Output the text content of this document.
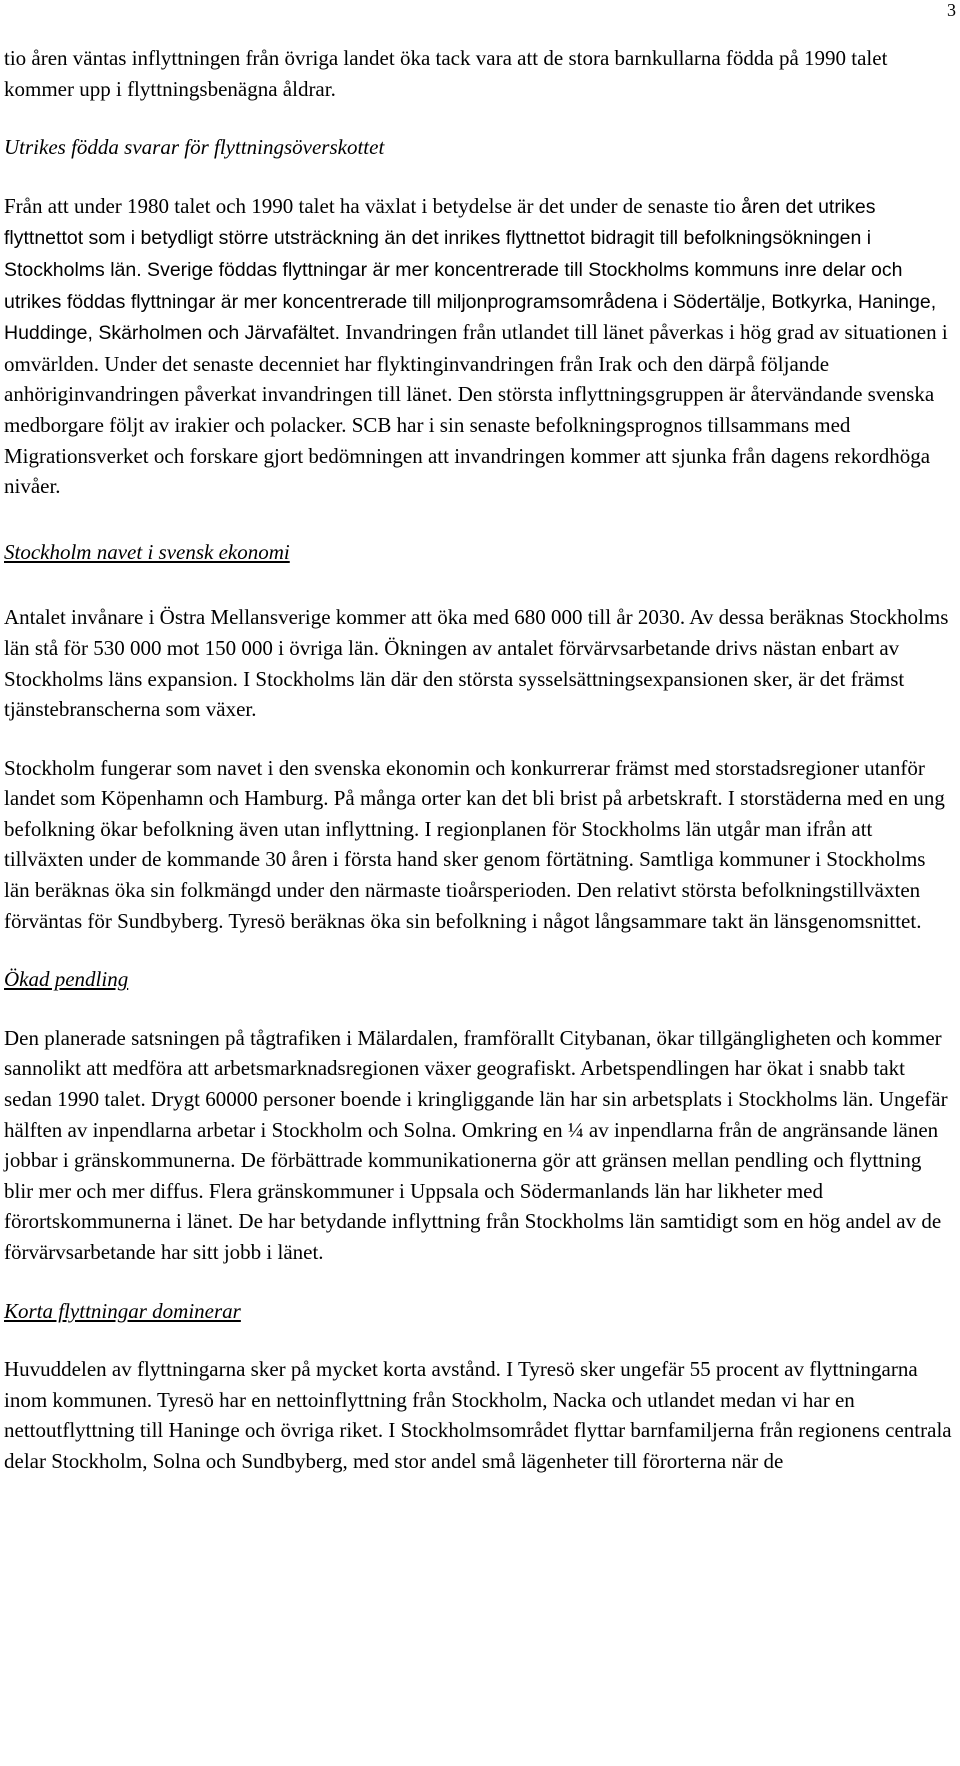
3

tio åren väntas inflyttningen från övriga landet öka tack vara att de stora barnkullarna födda på 1990 talet kommer upp i flyttningsbenägna åldrar.

Utrikes födda svarar för flyttningsöverskottet

Från att under 1980 talet och 1990 talet ha växlat i betydelse är det under de senaste tio åren det utrikes flyttnettot som i betydligt större utsträckning än det inrikes flyttnettot bidragit till befolkningsökningen i Stockholms län. Sverige föddas flyttningar är mer koncentrerade till Stockholms kommuns inre delar och utrikes föddas flyttningar är mer koncentrerade till miljonprogramsområdena i Södertälje, Botkyrka, Haninge, Huddinge, Skärholmen och Järvafältet. Invandringen från utlandet till länet påverkas i hög grad av situationen i omvärlden. Under det senaste decenniet har flyktinginvandringen från Irak och den därpå följande anhöriginvandringen påverkat invandringen till länet. Den största inflyttningsgruppen är återvändande svenska medborgare följt av irakier och polacker. SCB har i sin senaste befolkningsprognos tillsammans med Migrationsverket och forskare gjort bedömningen att invandringen kommer att sjunka från dagens rekordhöga nivåer.

Stockholm navet i svensk ekonomi

Antalet invånare i Östra Mellansverige kommer att öka med 680 000 till år 2030. Av dessa beräknas Stockholms län stå för 530 000 mot 150 000 i övriga län. Ökningen av antalet förvärvsarbetande drivs nästan enbart av Stockholms läns expansion. I Stockholms län där den största sysselsättningsexpansionen sker, är det främst tjänstebranscherna som växer.

Stockholm fungerar som navet i den svenska ekonomin och konkurrerar främst med storstadsregioner utanför landet som Köpenhamn och Hamburg. På många orter kan det bli brist på arbetskraft. I storstäderna med en ung befolkning ökar befolkning även utan inflyttning. I regionplanen för Stockholms län utgår man ifrån att tillväxten under de kommande 30 åren i första hand sker genom förtätning. Samtliga kommuner i Stockholms län beräknas öka sin folkmängd under den närmaste tioårsperioden. Den relativt största befolkningstillväxten förväntas för Sundbyberg. Tyresö beräknas öka sin befolkning i något långsammare takt än länsgenomsnittet.

Ökad pendling

Den planerade satsningen på tågtrafiken i Mälardalen, framförallt Citybanan, ökar tillgängligheten och kommer sannolikt att medföra att arbetsmarknadsregionen växer geografiskt. Arbetspendlingen har ökat i snabb takt sedan 1990 talet. Drygt 60000 personer boende i kringliggande län har sin arbetsplats i Stockholms län. Ungefär hälften av inpendlarna arbetar i Stockholm och Solna. Omkring en ¼ av inpendlarna från de angränsande länen jobbar i gränskommunerna. De förbättrade kommunikationerna gör att gränsen mellan pendling och flyttning blir mer och mer diffus. Flera gränskommuner i Uppsala och Södermanlands län har likheter med förortskommunerna i länet. De har betydande inflyttning från Stockholms län samtidigt som en hög andel av de förvärvsarbetande har sitt jobb i länet.

Korta flyttningar dominerar

Huvuddelen av flyttningarna sker på mycket korta avstånd. I Tyresö sker ungefär 55 procent av flyttningarna inom kommunen. Tyresö har en nettoinflyttning från Stockholm, Nacka och utlandet medan vi har en nettoutflyttning till Haninge och övriga riket. I Stockholmsområdet flyttar barnfamiljerna från regionens centrala delar Stockholm, Solna och Sundbyberg, med stor andel små lägenheter till förorterna när de
